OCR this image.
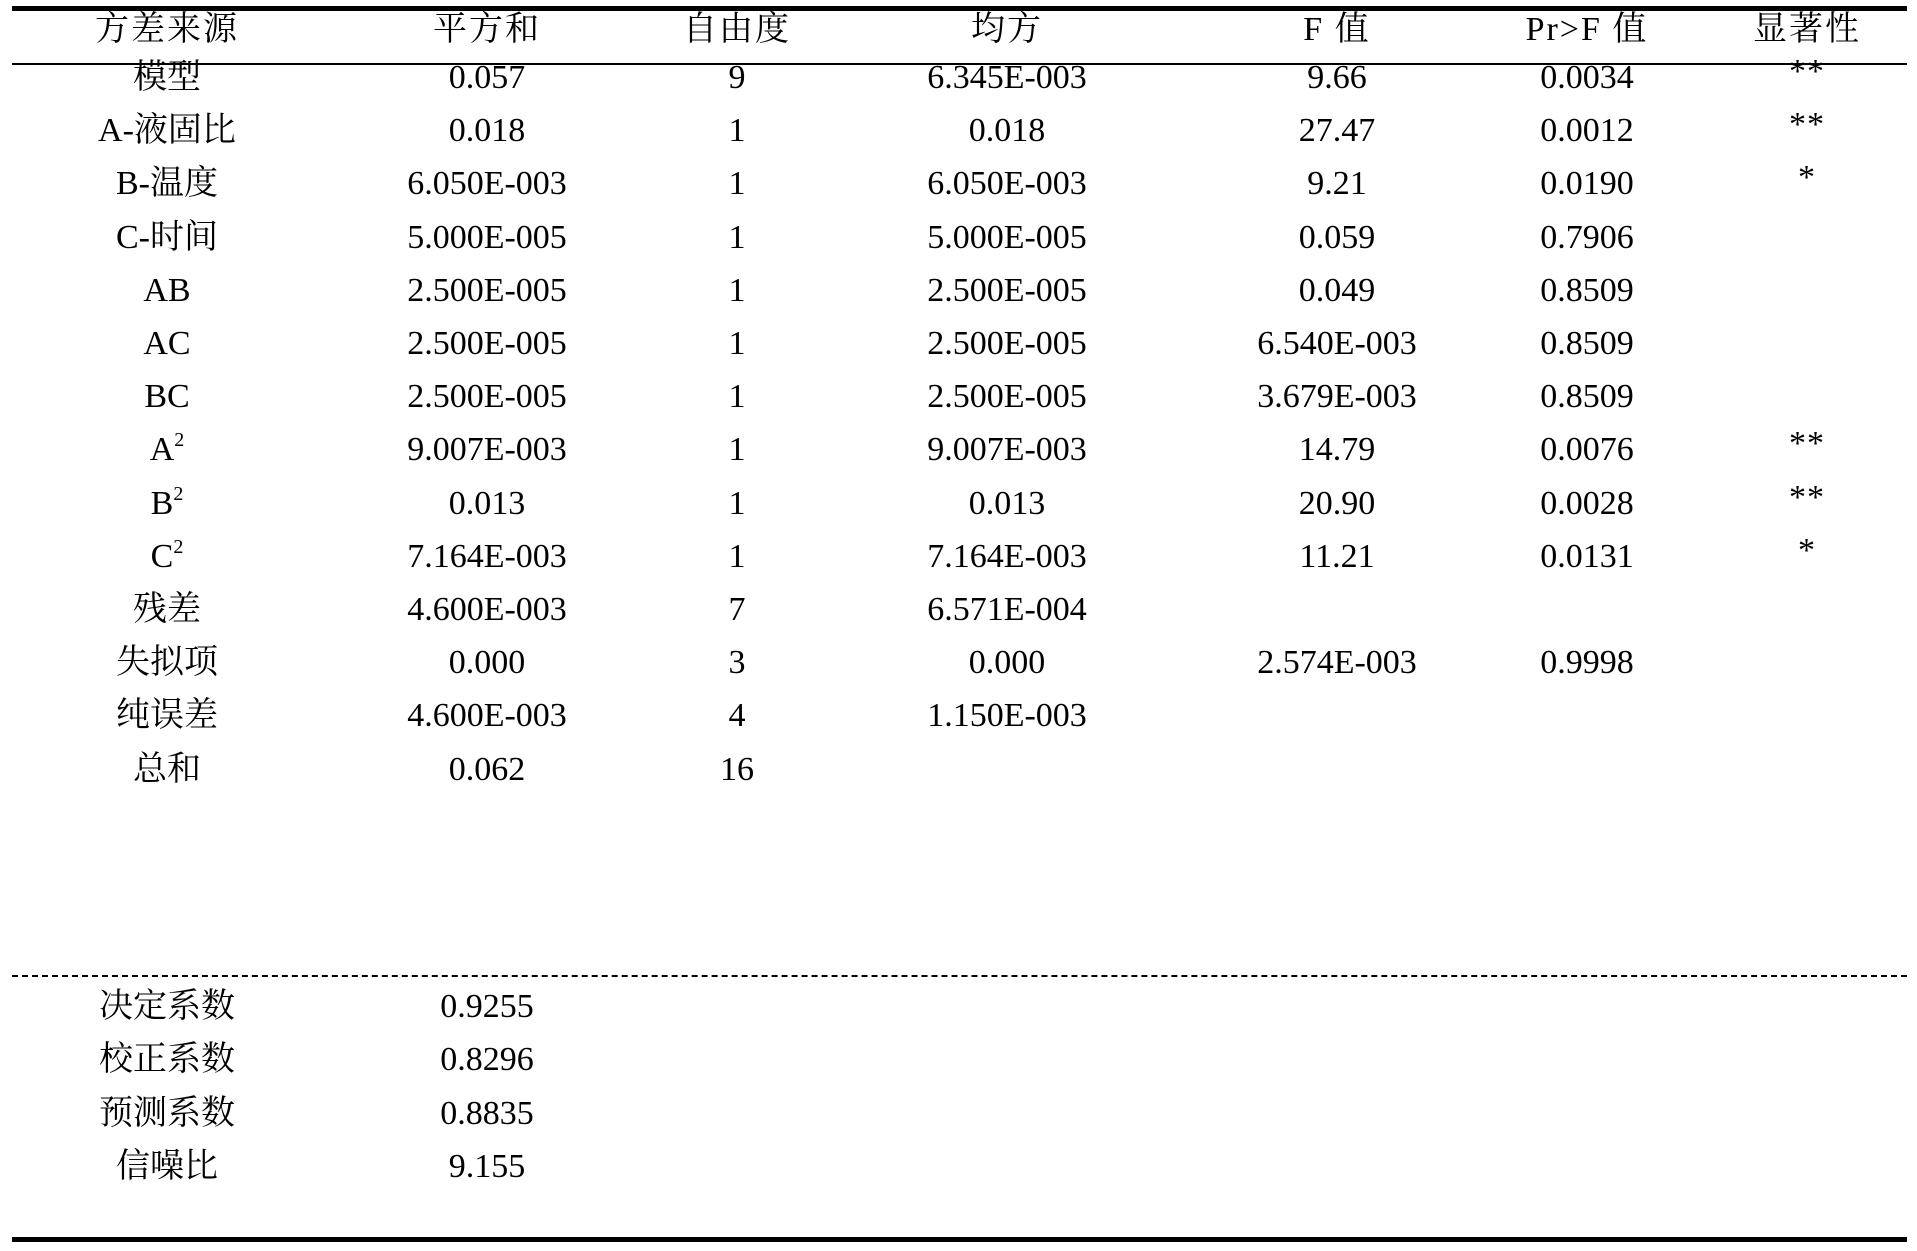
方差来源	平方和	自由度	均方	F 值	Pr>F 值	显著性
模型	0.057	9	6.345E-003	9.66	0.0034	**
A-液固比	0.018	1	0.018	27.47	0.0012	**
B-温度	6.050E-003	1	6.050E-003	9.21	0.0190	*
C-时间	5.000E-005	1	5.000E-005	0.059	0.7906
AB	2.500E-005	1	2.500E-005	0.049	0.8509
AC	2.500E-005	1	2.500E-005	6.540E-003	0.8509
BC	2.500E-005	1	2.500E-005	3.679E-003	0.8509
$A^2$	9.007E-003	1	9.007E-003	14.79	0.0076	**
$B^2$	0.013	1	0.013	20.90	0.0028	**
$C^2$	7.164E-003	1	7.164E-003	11.21	0.0131	*
残差	4.600E-003	7	6.571E-004
失拟项	0.000	3	0.000	2.574E-003	0.9998
纯误差	4.600E-003	4	1.150E-003
总和	0.062	16
决定系数	0.9255
校正系数	0.8296
预测系数	0.8835
信噪比	9.155
